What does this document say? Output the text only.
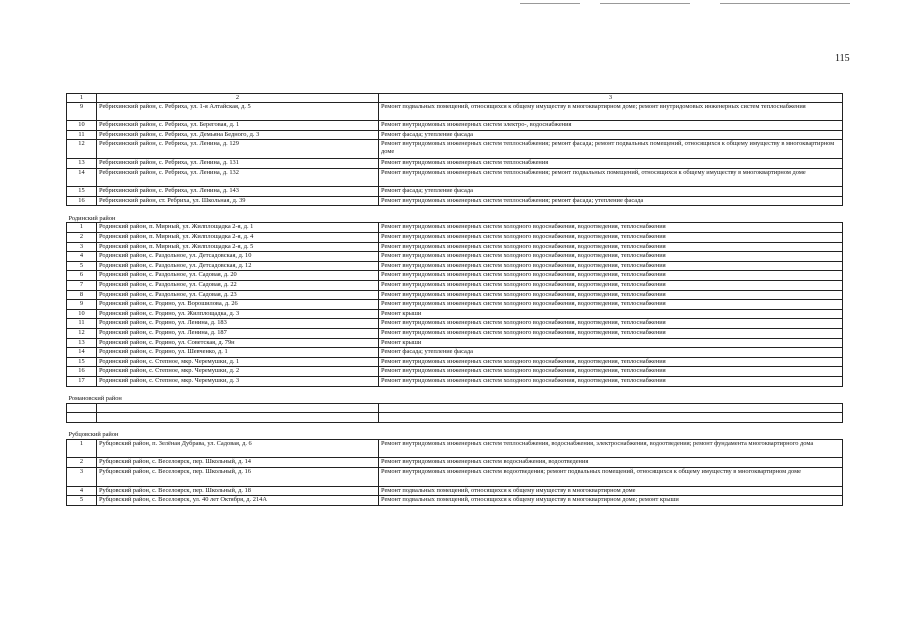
115
1	2	3
9	Ребрихинский район, с. Ребриха, ул. 1-я Алтайская, д. 5	Ремонт подвальных помещений, относящихся к общему имуществу в многоквартирном доме; ремонт внутридомовых инженерных систем теплоснабжения
10	Ребрихинский район, с. Ребриха, ул. Береговая, д. 1	Ремонт внутридомовых инженерных систем электро-, водоснабжения
11	Ребрихинский район, с. Ребриха, ул. Демьяна Бедного, д. 3	Ремонт фасада; утепление фасада
12	Ребрихинский район, с. Ребриха, ул. Ленина, д. 129	Ремонт внутридомовых инженерных систем теплоснабжения; ремонт фасада; ремонт подвальных помещений, относящихся к общему имуществу в многоквартирном доме
13	Ребрихинский район, с. Ребриха, ул. Ленина, д. 131	Ремонт внутридомовых инженерных систем теплоснабжения
14	Ребрихинский район, с. Ребриха, ул. Ленина, д. 132	Ремонт внутридомовых инженерных систем теплоснабжения; ремонт подвальных помещений, относящихся к общему имуществу в многоквартирном доме
15	Ребрихинский район, с. Ребриха, ул. Ленина, д. 143	Ремонт фасада; утепление фасада
16	Ребрихинский район, ст. Ребриха, ул. Школьная, д. 39	Ремонт внутридомовых инженерных систем теплоснабжения; ремонт фасада; утепление фасада
Родинский район		
1	Родинский район, п. Мирный, ул. Жилплощадка 2-я, д. 1	Ремонт внутридомовых инженерных систем холодного водоснабжения, водоотведения, теплоснабжения
2	Родинский район, п. Мирный, ул. Жилплощадка 2-я, д. 4	Ремонт внутридомовых инженерных систем холодного водоснабжения, водоотведения, теплоснабжения
3	Родинский район, п. Мирный, ул. Жилплощадка 2-я, д. 5	Ремонт внутридомовых инженерных систем холодного водоснабжения, водоотведения, теплоснабжения
4	Родинский район, с. Раздольное, ул. Детсадовская, д. 10	Ремонт внутридомовых инженерных систем холодного водоснабжения, водоотведения, теплоснабжения
5	Родинский район, с. Раздольное, ул. Детсадовская, д. 12	Ремонт внутридомовых инженерных систем холодного водоснабжения, водоотведения, теплоснабжения
6	Родинский район, с. Раздольное, ул. Садовая, д. 20	Ремонт внутридомовых инженерных систем холодного водоснабжения, водоотведения, теплоснабжения
7	Родинский район, с. Раздольное, ул. Садовая, д. 22	Ремонт внутридомовых инженерных систем холодного водоснабжения, водоотведения, теплоснабжения
8	Родинский район, с. Раздольное, ул. Садовая, д. 23	Ремонт внутридомовых инженерных систем холодного водоснабжения, водоотведения, теплоснабжения
9	Родинский район, с. Родино, ул. Ворошилова, д. 26	Ремонт внутридомовых инженерных систем холодного водоснабжения, водоотведения, теплоснабжения
10	Родинский район, с. Родино, ул. Жилплощадка, д. 3	Ремонт крыши
11	Родинский район, с. Родино, ул. Ленина, д. 183	Ремонт внутридомовых инженерных систем холодного водоснабжения, водоотведения, теплоснабжения
12	Родинский район, с. Родино, ул. Ленина, д. 187	Ремонт внутридомовых инженерных систем холодного водоснабжения, водоотведения, теплоснабжения
13	Родинский район, с. Родино, ул. Советская, д. 79н	Ремонт крыши
14	Родинский район, с. Родино, ул. Шевченко, д. 1	Ремонт фасада; утепление фасада
15	Родинский район, с. Степное, мкр. Черемушки, д. 1	Ремонт внутридомовых инженерных систем холодного водоснабжения, водоотведения, теплоснабжения
16	Родинский район, с. Степное, мкр. Черемушки, д. 2	Ремонт внутридомовых инженерных систем холодного водоснабжения, водоотведения, теплоснабжения
17	Родинский район, с. Степное, мкр. Черемушки, д. 3	Ремонт внутридомовых инженерных систем холодного водоснабжения, водоотведения, теплоснабжения
Романовский район		

Рубцовский район		
1	Рубцовский район, п. Зелёная Дубрава, ул. Садовая, д. 6	Ремонт внутридомовых инженерных систем теплоснабжения, водоснабжения, электроснабжения, водоотведения; ремонт фундамента многоквартирного дома
2	Рубцовский район, с. Веселоярск, пер. Школьный, д. 14	Ремонт внутридомовых инженерных систем водоснабжения, водоотведения
3	Рубцовский район, с. Веселоярск, пер. Школьный, д. 16	Ремонт внутридомовых инженерных систем водоотведения; ремонт подвальных помещений, относящихся к общему имуществу в многоквартирном доме
4	Рубцовский район, с. Веселоярск, пер. Школьный, д. 18	Ремонт подвальных помещений, относящихся к общему имуществу в многоквартирном доме
5	Рубцовский район, с. Веселоярск, ул. 40 лет Октября, д. 214А	Ремонт подвальных помещений, относящихся к общему имуществу в многоквартирном доме; ремонт крыши
